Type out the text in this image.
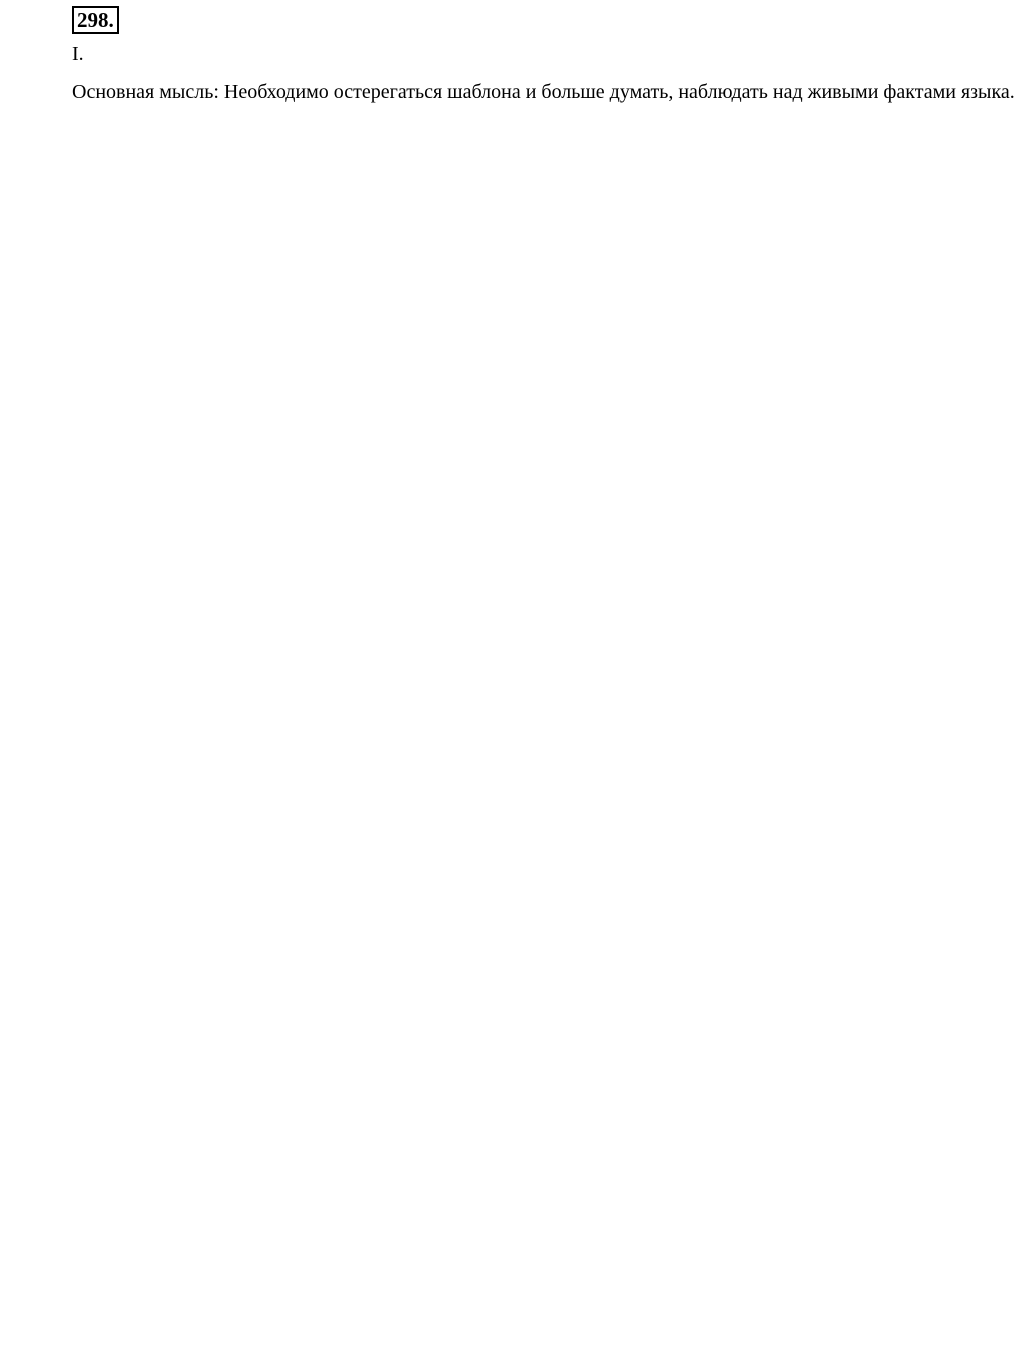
298.
I.
Основная мысль: Необходимо остерегаться шаблона и больше думать, наблюдать над живыми фактами языка.
